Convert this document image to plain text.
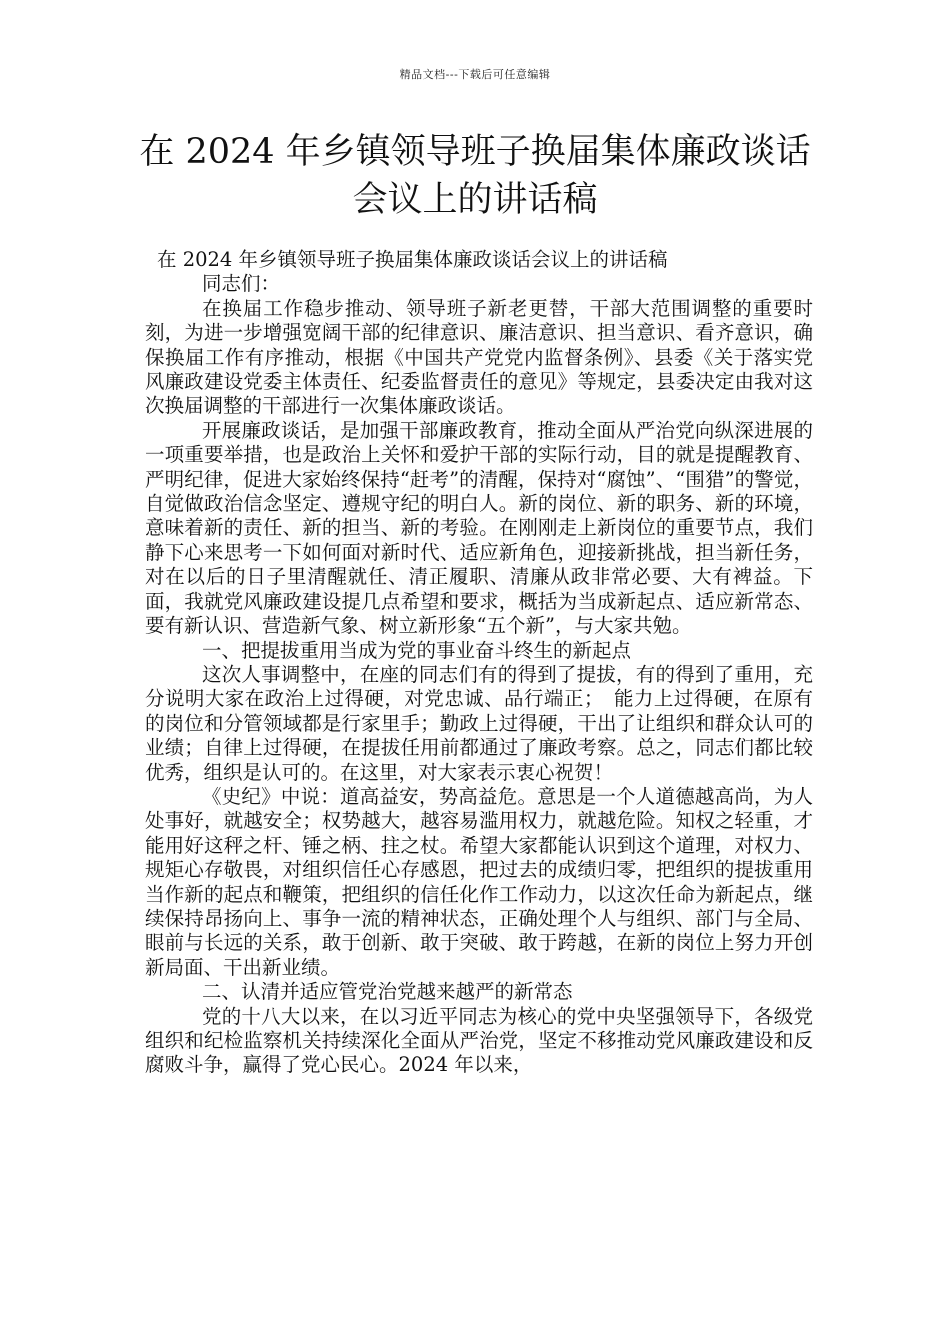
精品文档---下载后可任意编辑
在 2024 年乡镇领导班子换届集体廉政谈话
会议上的讲话稿

在 2024 年乡镇领导班子换届集体廉政谈话会议上的讲话稿

同志们：

在换届工作稳步推动、领导班子新老更替，干部大范围调整的重要时刻，为进一步增强宽阔干部的纪律意识、廉洁意识、担当意识、看齐意识，确保换届工作有序推动，根据《中国共产党党内监督条例》、县委《关于落实党风廉政建设党委主体责任、纪委监督责任的意见》等规定，县委决定由我对这次换届调整的干部进行一次集体廉政谈话。

开展廉政谈话，是加强干部廉政教育，推动全面从严治党向纵深进展的一项重要举措，也是政治上关怀和爱护干部的实际行动，目的就是提醒教育、严明纪律，促进大家始终保持“赶考”的清醒，保持对“腐蚀”、“围猎”的警觉，自觉做政治信念坚定、遵规守纪的明白人。新的岗位、新的职务、新的环境，意味着新的责任、新的担当、新的考验。在刚刚走上新岗位的重要节点，我们静下心来思考一下如何面对新时代、适应新角色，迎接新挑战，担当新任务，对在以后的日子里清醒就任、清正履职、清廉从政非常必要、大有裨益。下面，我就党风廉政建设提几点希望和要求，概括为当成新起点、适应新常态、要有新认识、营造新气象、树立新形象“五个新”，与大家共勉。

一、把提拔重用当成为党的事业奋斗终生的新起点

这次人事调整中，在座的同志们有的得到了提拔，有的得到了重用，充分说明大家在政治上过得硬，对党忠诚、品行端正；　能力上过得硬，在原有的岗位和分管领域都是行家里手；勤政上过得硬，干出了让组织和群众认可的业绩；自律上过得硬，在提拔任用前都通过了廉政考察。总之，同志们都比较优秀，组织是认可的。在这里，对大家表示衷心祝贺！

《史纪》中说：道高益安，势高益危。意思是一个人道德越高尚，为人处事好，就越安全；权势越大，越容易滥用权力，就越危险。知权之轻重，才能用好这秤之杆、锤之柄、拄之杖。希望大家都能认识到这个道理，对权力、规矩心存敬畏，对组织信任心存感恩，把过去的成绩归零，把组织的提拔重用当作新的起点和鞭策，把组织的信任化作工作动力，以这次任命为新起点，继续保持昂扬向上、事争一流的精神状态，正确处理个人与组织、部门与全局、眼前与长远的关系，敢于创新、敢于突破、敢于跨越，在新的岗位上努力开创新局面、干出新业绩。

二、认清并适应管党治党越来越严的新常态

党的十八大以来，在以习近平同志为核心的党中央坚强领导下，各级党组织和纪检监察机关持续深化全面从严治党，坚定不移推动党风廉政建设和反腐败斗争，赢得了党心民心。2024 年以来，
